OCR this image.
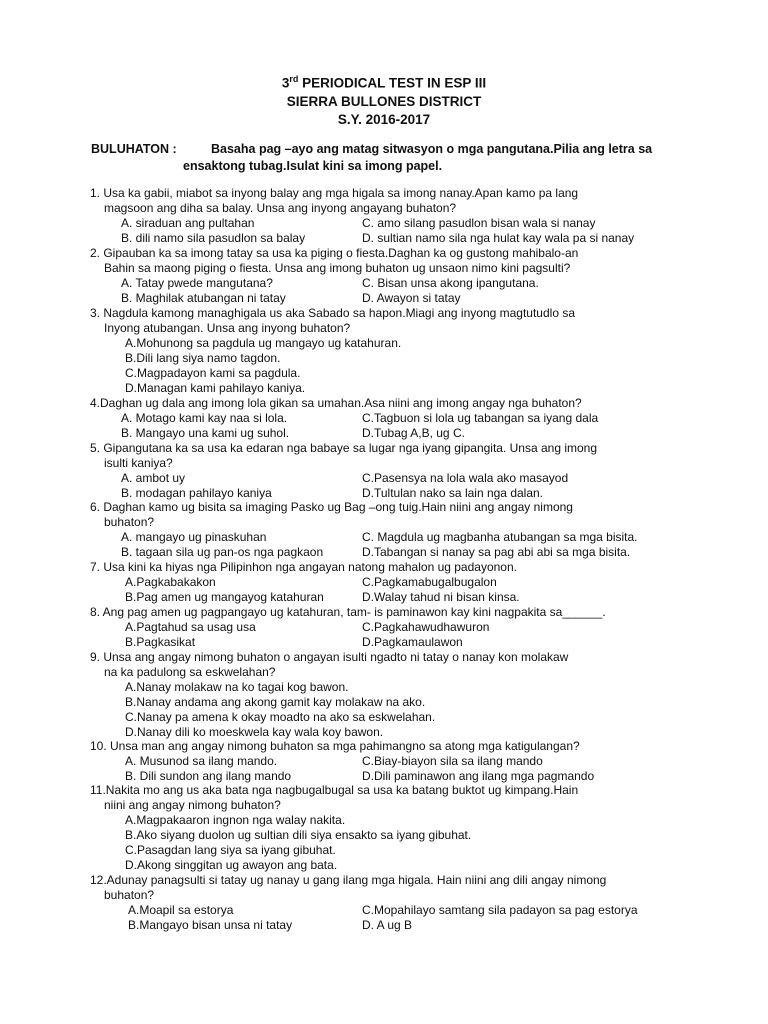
3rd PERIODICAL TEST IN ESP III
SIERRA BULLONES DISTRICT
S.Y. 2016-2017
BULUHATON :	Basaha pag –ayo ang matag sitwasyon o mga pangutana.Pilia ang letra sa
ensaktong tubag.Isulat kini sa imong papel.
1. Usa ka gabii, miabot sa inyong balay ang mga higala sa imong nanay.Apan kamo pa lang
magsoon ang diha sa balay. Unsa ang inyong angayang buhaton?
A. siraduan ang pultahan	C. amo silang pasudlon bisan wala si nanay
B. dili namo sila pasudlon sa balay	D. sultian namo sila nga hulat kay wala pa si nanay
2. Gipauban ka sa imong tatay sa usa ka piging o fiesta.Daghan ka og gustong mahibalo-an
Bahin sa maong piging o fiesta. Unsa ang imong buhaton ug unsaon nimo kini pagsulti?
A. Tatay pwede mangutana?	C. Bisan unsa akong ipangutana.
B. Maghilak atubangan ni tatay	D. Awayon si tatay
3. Nagdula kamong managhigala us aka Sabado sa hapon.Miagi ang inyong magtutudlo sa
Inyong atubangan. Unsa ang inyong buhaton?
A.Mohunong sa pagdula ug mangayo ug katahuran.
B.Dili lang siya namo tagdon.
C.Magpadayon kami sa pagdula.
D.Managan kami pahilayo kaniya.
4.Daghan ug dala ang imong lola gikan sa umahan.Asa niini ang imong angay nga buhaton?
A. Motago kami kay naa si lola.	C.Tagbuon si lola ug tabangan sa iyang dala
B. Mangayo una kami ug suhol.	D.Tubag A,B, ug C.
5. Gipangutana ka sa usa ka edaran nga babaye sa lugar nga iyang gipangita. Unsa ang imong
isulti kaniya?
A. ambot uy	C.Pasensya na lola wala ako masayod
B. modagan pahilayo kaniya	D.Tultulan nako sa lain nga dalan.
6. Daghan kamo ug bisita sa imaging Pasko ug Bag –ong tuig.Hain niini ang angay nimong
buhaton?
A. mangayo ug pinaskuhan	C. Magdula ug magbanha atubangan sa mga bisita.
B. tagaan sila ug pan-os nga pagkaon	D.Tabangan si nanay sa pag abi abi sa mga bisita.
7. Usa kini ka hiyas nga Pilipinhon nga angayan natong mahalon ug padayonon.
A.Pagkabakakon	C.Pagkamabugalbugalon
B.Pag amen ug mangayog katahuran	D.Walay tahud ni bisan kinsa.
8. Ang pag amen ug pagpangayo ug katahuran, tam- is paminawon kay kini nagpakita sa______.
A.Pagtahud sa usag usa	C.Pagkahawudhawuron
B.Pagkasikat	D.Pagkamaulawon
9. Unsa ang angay nimong buhaton o angayan isulti ngadto ni tatay o nanay kon molakaw
na ka padulong sa eskwelahan?
A.Nanay molakaw na ko tagai kog bawon.
B.Nanay andama ang akong gamit kay molakaw na ako.
C.Nanay pa amena k okay moadto na ako sa eskwelahan.
D.Nanay dili ko moeskwela kay wala koy bawon.
10. Unsa man ang angay nimong buhaton sa mga pahimangno sa atong mga katigulangan?
A. Musunod sa ilang mando.	C.Biay-biayon sila sa ilang mando
B. Dili sundon ang ilang mando	D.Dili paminawon ang ilang mga pagmando
11.Nakita mo ang us aka bata nga nagbugalbugal sa usa ka batang buktot ug kimpang.Hain
niini ang angay nimong buhaton?
A.Magpakaaron ingnon nga walay nakita.
B.Ako siyang duolon ug sultian dili siya ensakto sa iyang gibuhat.
C.Pasagdan lang siya sa iyang gibuhat.
D.Akong singgitan ug awayon ang bata.
12.Adunay panagsulti si tatay ug nanay u gang ilang mga higala. Hain niini ang dili angay nimong
buhaton?
A.Moapil sa estorya	C.Mopahilayo samtang sila padayon sa pag estorya
B.Mangayo bisan unsa ni tatay	D. A ug B
